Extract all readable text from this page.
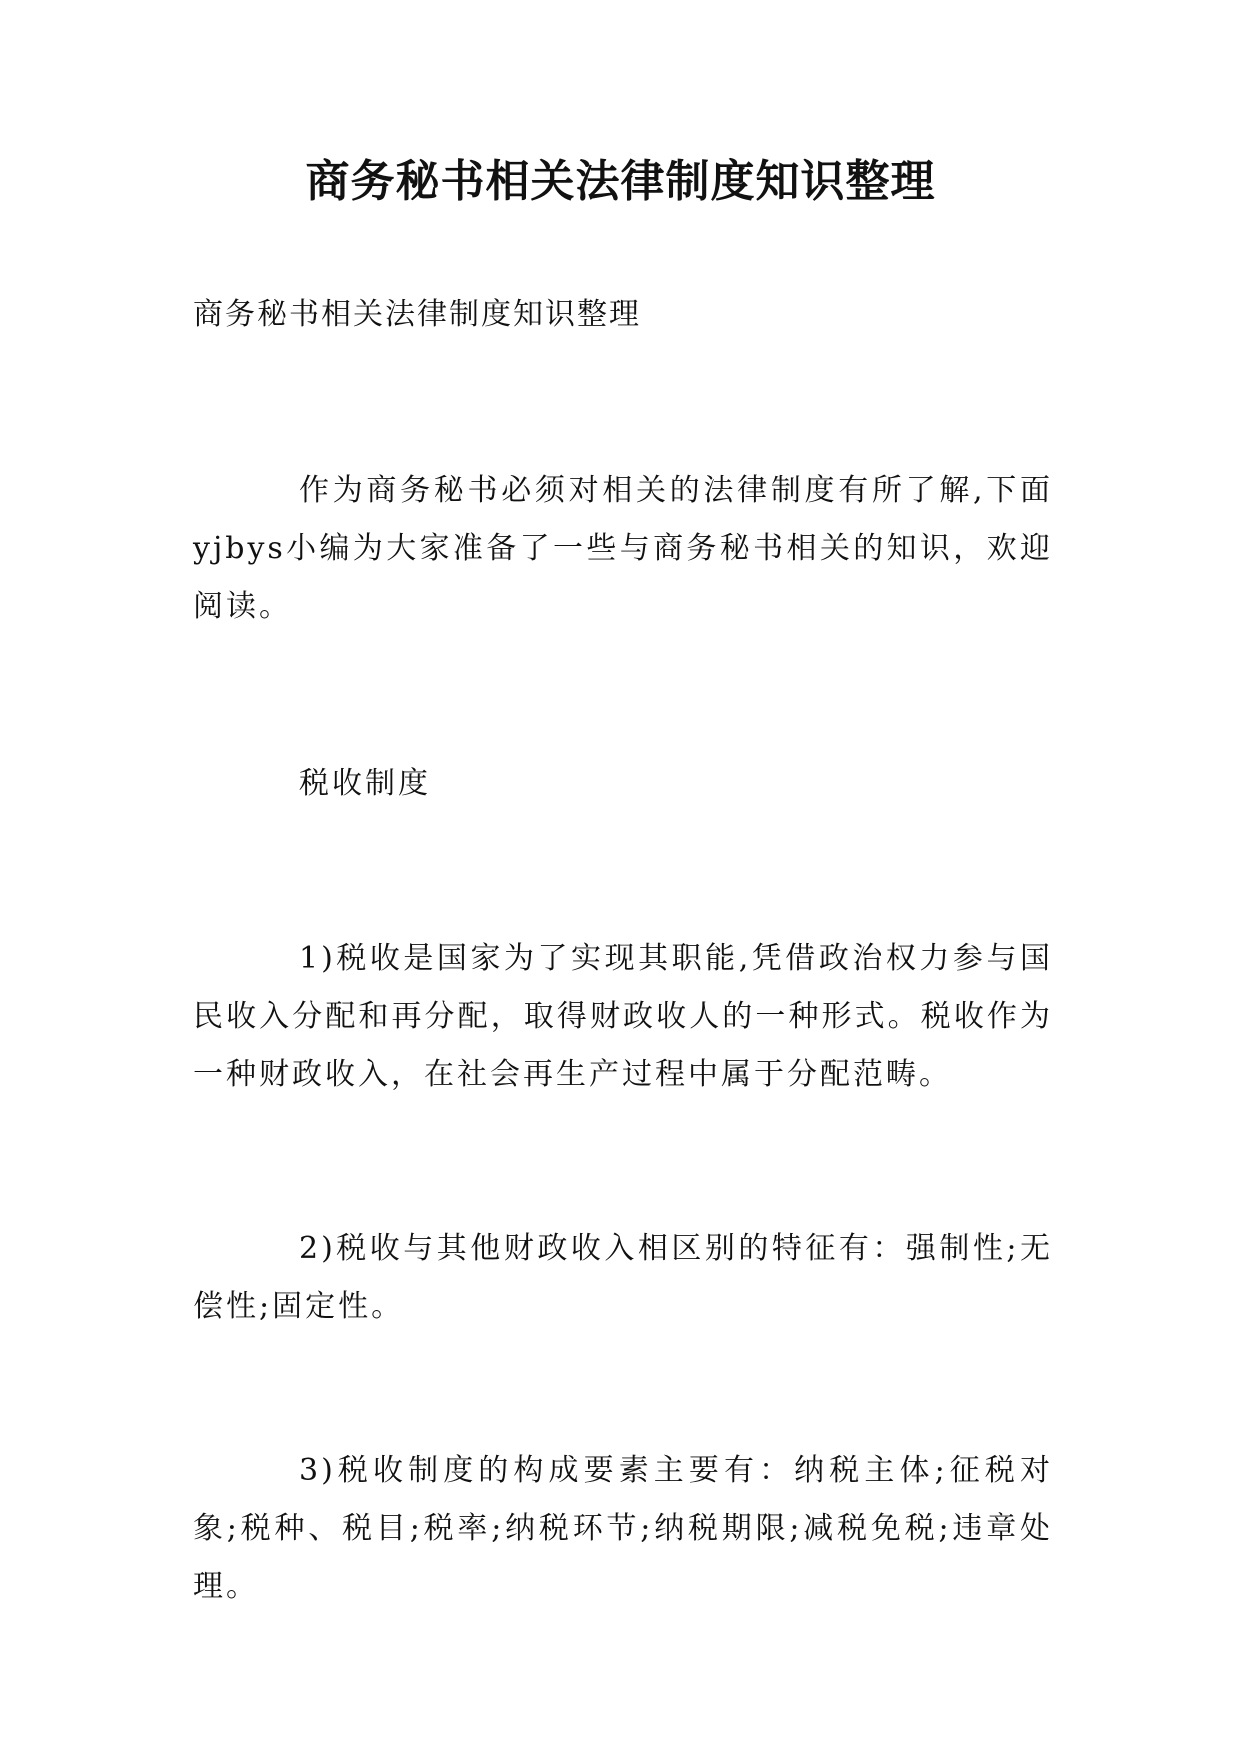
商务秘书相关法律制度知识整理
商务秘书相关法律制度知识整理

作为商务秘书必须对相关的法律制度有所了解,下面yjbys小编为大家准备了一些与商务秘书相关的知识，欢迎阅读。

税收制度

1)税收是国家为了实现其职能,凭借政治权力参与国民收入分配和再分配，取得财政收人的一种形式。税收作为一种财政收入，在社会再生产过程中属于分配范畴。

2)税收与其他财政收入相区别的特征有：强制性;无偿性;固定性。

3)税收制度的构成要素主要有：纳税主体;征税对象;税种、税目;税率;纳税环节;纳税期限;减税免税;违章处理。
